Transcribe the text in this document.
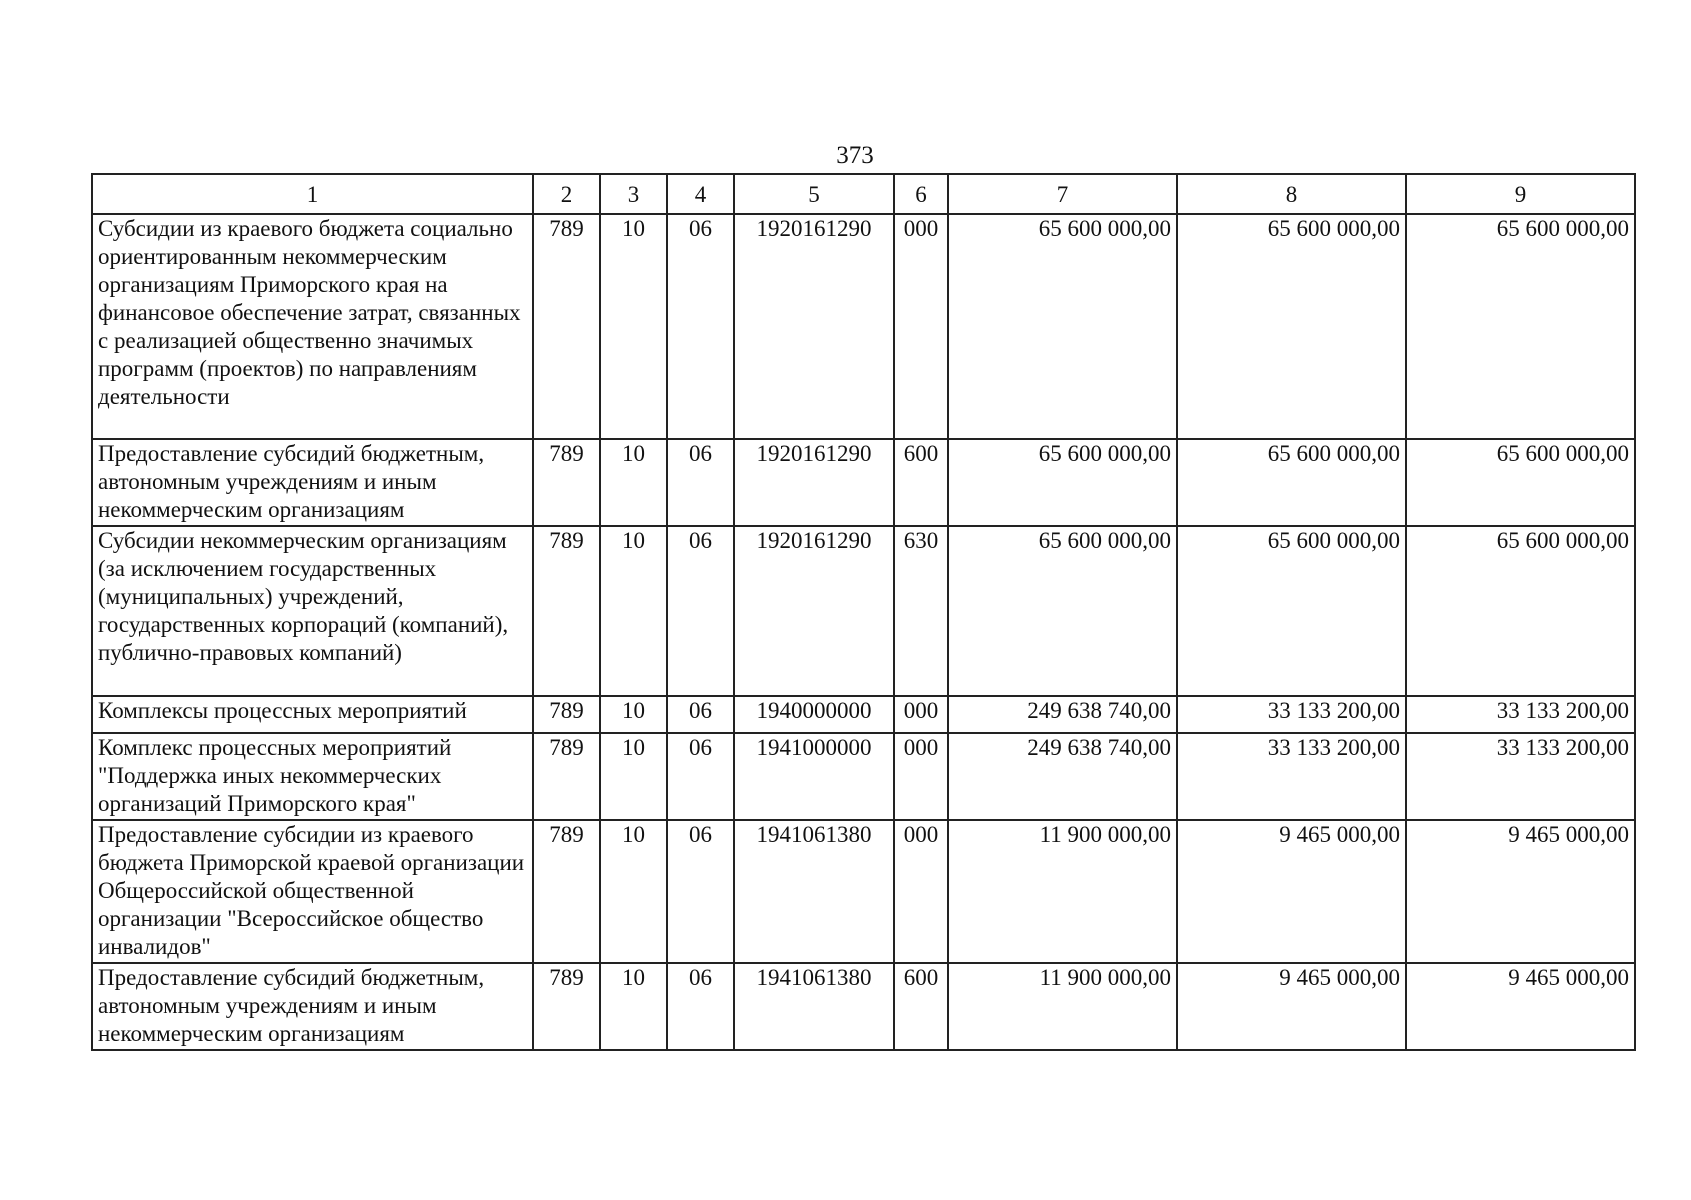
373
1	2	3	4	5	6	7	8	9
Субсидии из краевого бюджета социально ориентированным некоммерческим организациям Приморского края на финансовое обеспечение затрат, связанных с реализацией общественно значимых программ (проектов) по направлениям деятельности	789	10	06	1920161290	000	65 600 000,00	65 600 000,00	65 600 000,00
Предоставление субсидий бюджетным, автономным учреждениям и иным некоммерческим организациям	789	10	06	1920161290	600	65 600 000,00	65 600 000,00	65 600 000,00
Субсидии некоммерческим организациям (за исключением государственных (муниципальных) учреждений, государственных корпораций (компаний), публично-правовых компаний)	789	10	06	1920161290	630	65 600 000,00	65 600 000,00	65 600 000,00
Комплексы процессных мероприятий	789	10	06	1940000000	000	249 638 740,00	33 133 200,00	33 133 200,00
Комплекс процессных мероприятий "Поддержка иных некоммерческих организаций Приморского края"	789	10	06	1941000000	000	249 638 740,00	33 133 200,00	33 133 200,00
Предоставление субсидии из краевого бюджета Приморской краевой организации Общероссийской общественной организации "Всероссийское общество инвалидов"	789	10	06	1941061380	000	11 900 000,00	9 465 000,00	9 465 000,00
Предоставление субсидий бюджетным, автономным учреждениям и иным некоммерческим организациям	789	10	06	1941061380	600	11 900 000,00	9 465 000,00	9 465 000,00
